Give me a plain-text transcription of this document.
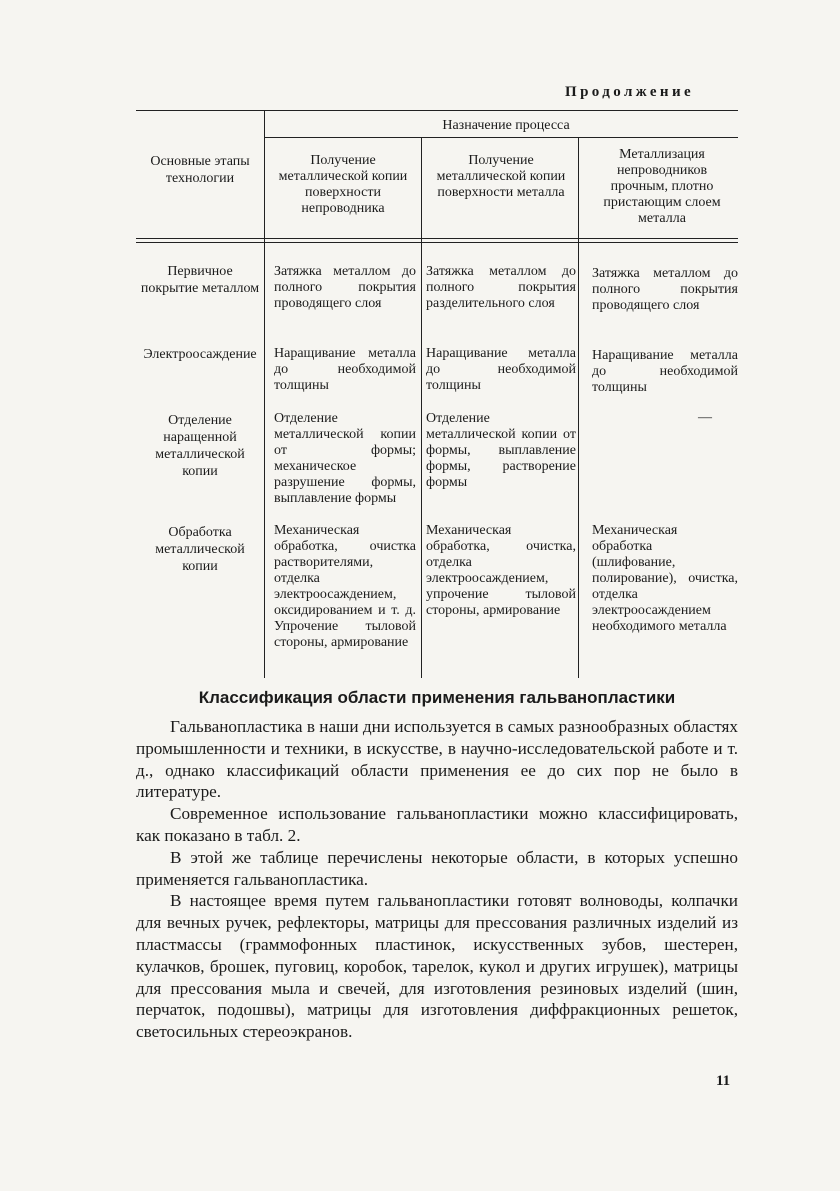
Продолжение
Назначение процесса
Основные этапы технологии
Получение металлической копии поверхности непроводника
Получение металлической копии поверхности металла
Металлизация непроводников прочным, плотно пристающим слоем металла
Первичное покрытие металлом
Затяжка металлом до полного покрытия проводящего слоя
Затяжка металлом до полного покрытия разделительного слоя
Затяжка металлом до полного покрытия проводящего слоя
Электроосаждение Наращивание металла до необходимой толщины
Наращивание металла до необходимой толщины
Наращивание металла до необходимой толщины
Отделение наращенной металлической копии
Отделение металлической копии от формы; механическое разрушение формы, выплавление формы
Отделение металлической копии от формы, выплавление формы, растворение формы
—
Обработка металлической копии
Механическая обработка, очистка растворителями, отделка электроосаждением, оксидированием и т. д. Упрочение тыловой стороны, армирование
Механическая обработка, очистка, отделка электроосаждением, упрочение тыловой стороны, армирование
Механическая обработка (шлифование, полирование), очистка, отделка электроосаждением необходимого металла
Классификация области применения гальванопластики

Гальванопластика в наши дни используется в самых разнообразных областях промышленности и техники, в искусстве, в научно-исследовательской работе и т. д., однако классификаций области применения ее до сих пор не было в литературе.

Современное использование гальванопластики можно классифицировать, как показано в табл. 2.

В этой же таблице перечислены некоторые области, в которых успешно применяется гальванопластика.

В настоящее время путем гальванопластики готовят волноводы, колпачки для вечных ручек, рефлекторы, матрицы для прессования различных изделий из пластмассы (граммофонных пластинок, искусственных зубов, шестерен, кулачков, брошек, пуговиц, коробок, тарелок, кукол и других игрушек), матрицы для прессования мыла и свечей, для изготовления резиновых изделий (шин, перчаток, подошвы), матрицы для изготовления диффракционных решеток, светосильных стереоэкранов.

11
